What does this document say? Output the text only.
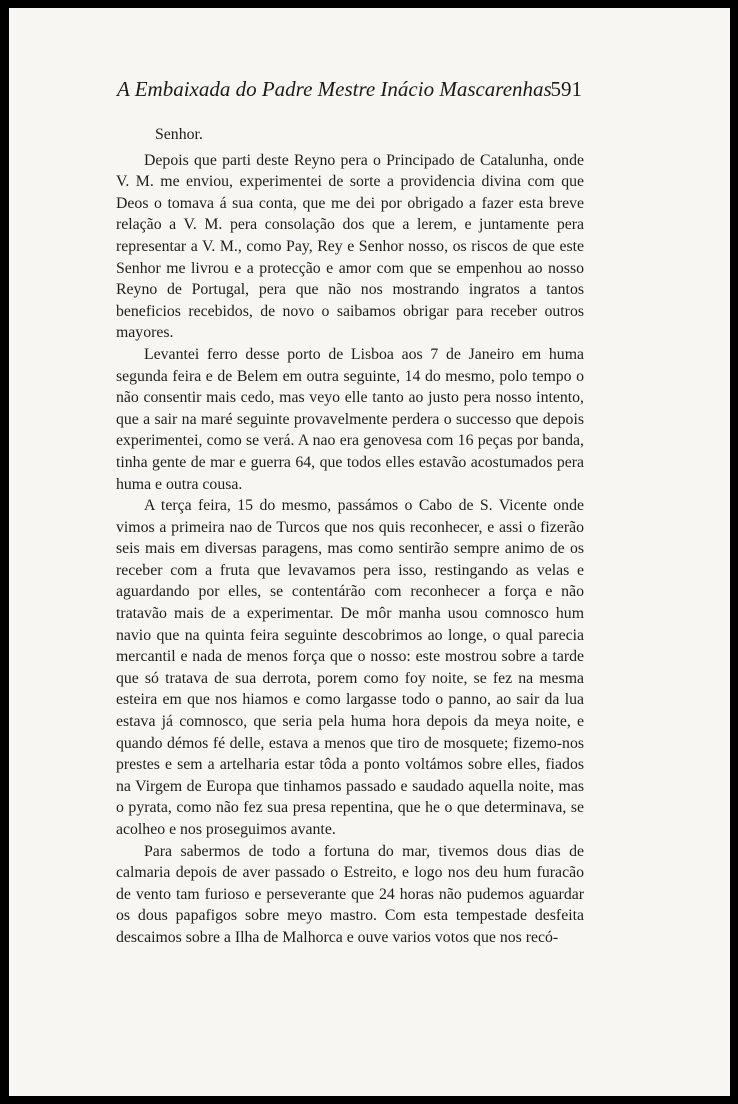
A Embaixada do Padre Mestre Inácio Mascarenhas
591

Senhor.

Depois que parti deste Reyno pera o Principado de Catalunha, onde V. M. me enviou, experimentei de sorte a providencia divina com que Deos o tomava á sua conta, que me dei por obrigado a fazer esta breve relação a V. M. pera consolação dos que a lerem, e juntamente pera representar a V. M., como Pay, Rey e Senhor nosso, os riscos de que este Senhor me livrou e a protecção e amor com que se empenhou ao nosso Reyno de Portugal, pera que não nos mostrando ingratos a tantos beneficios recebidos, de novo o saibamos obrigar para receber outros mayores.

Levantei ferro desse porto de Lisboa aos 7 de Janeiro em huma segunda feira e de Belem em outra seguinte, 14 do mesmo, polo tempo o não consentir mais cedo, mas veyo elle tanto ao justo pera nosso intento, que a sair na maré seguinte provavelmente perdera o successo que depois experimentei, como se verá. A nao era genovesa com 16 peças por banda, tinha gente de mar e guerra 64, que todos elles estavão acostumados pera huma e outra cousa.

A terça feira, 15 do mesmo, passámos o Cabo de S. Vicente onde vimos a primeira nao de Turcos que nos quis reconhecer, e assi o fizerão seis mais em diversas paragens, mas como sentirão sempre animo de os receber com a fruta que levavamos pera isso, restingando as velas e aguardando por elles, se contentárão com reconhecer a força e não tratavão mais de a experimentar. De môr manha usou comnosco hum navio que na quinta feira seguinte descobrimos ao longe, o qual parecia mercantil e nada de menos força que o nosso: este mostrou sobre a tarde que só tratava de sua derrota, porem como foy noite, se fez na mesma esteira em que nos hiamos e como largasse todo o panno, ao sair da lua estava já comnosco, que seria pela huma hora depois da meya noite, e quando démos fé delle, estava a menos que tiro de mosquete; fizemo-nos prestes e sem a artelharia estar tôda a ponto voltámos sobre elles, fiados na Virgem de Europa que tinhamos passado e saudado aquella noite, mas o pyrata, como não fez sua presa repentina, que he o que determinava, se acolheo e nos proseguimos avante.

Para sabermos de todo a fortuna do mar, tivemos dous dias de calmaria depois de aver passado o Estreito, e logo nos deu hum furacão de vento tam furioso e perseverante que 24 horas não pudemos aguardar os dous papafigos sobre meyo mastro. Com esta tempestade desfeita descaimos sobre a Ilha de Malhorca e ouve varios votos que nos recó-
